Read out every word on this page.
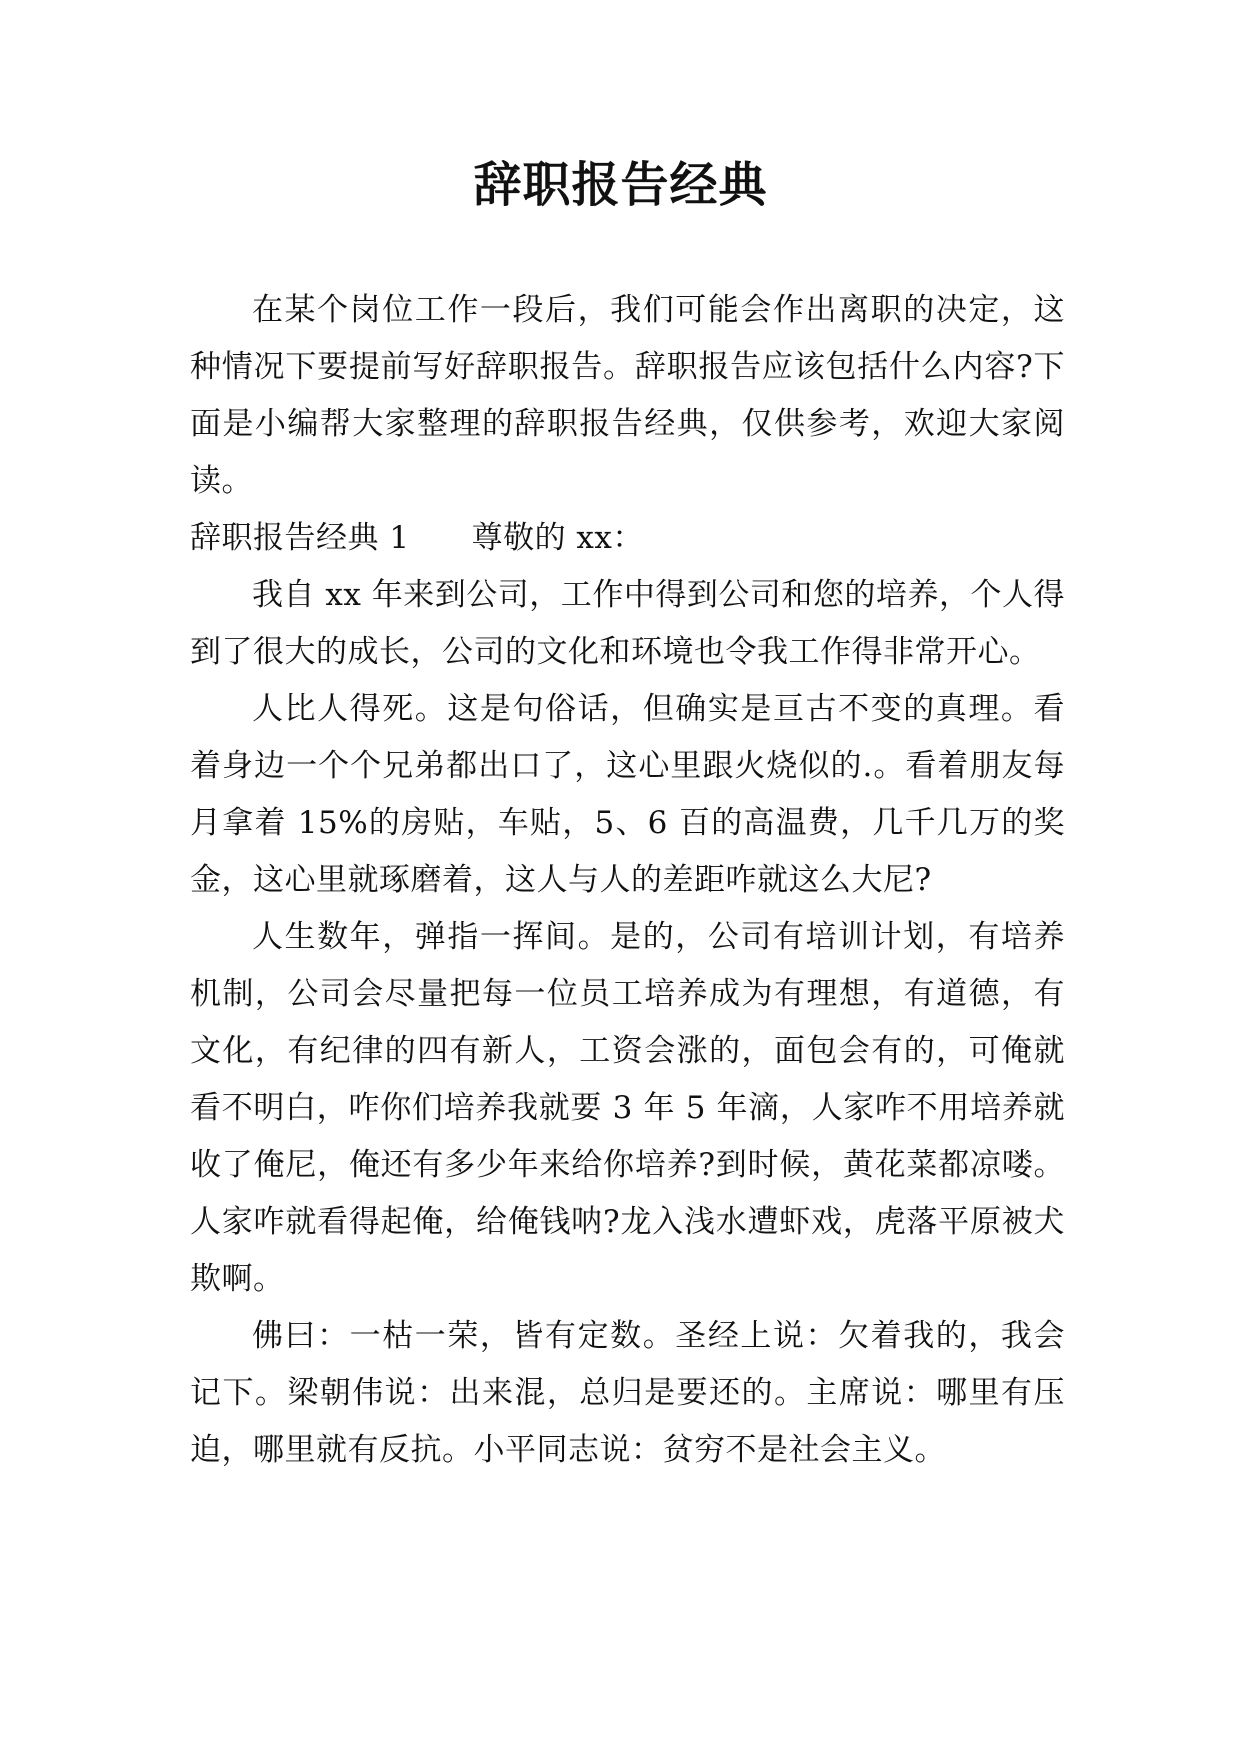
辞职报告经典

在某个岗位工作一段后，我们可能会作出离职的决定，这种情况下要提前写好辞职报告。辞职报告应该包括什么内容?下面是小编帮大家整理的辞职报告经典，仅供参考，欢迎大家阅读。

辞职报告经典 1 尊敬的 xx：

我自 xx 年来到公司，工作中得到公司和您的培养，个人得到了很大的成长，公司的文化和环境也令我工作得非常开心。

人比人得死。这是句俗话，但确实是亘古不变的真理。看着身边一个个兄弟都出口了，这心里跟火烧似的.。看着朋友每月拿着 15%的房贴，车贴，5、6 百的高温费，几千几万的奖金，这心里就琢磨着，这人与人的差距咋就这么大尼?

人生数年，弹指一挥间。是的，公司有培训计划，有培养机制，公司会尽量把每一位员工培养成为有理想，有道德，有文化，有纪律的四有新人，工资会涨的，面包会有的，可俺就看不明白，咋你们培养我就要 3 年 5 年滴，人家咋不用培养就收了俺尼，俺还有多少年来给你培养?到时候，黄花菜都凉喽。人家咋就看得起俺，给俺钱呐?龙入浅水遭虾戏，虎落平原被犬欺啊。

佛曰：一枯一荣，皆有定数。圣经上说：欠着我的，我会记下。梁朝伟说：出来混，总归是要还的。主席说：哪里有压迫，哪里就有反抗。小平同志说：贫穷不是社会主义。
